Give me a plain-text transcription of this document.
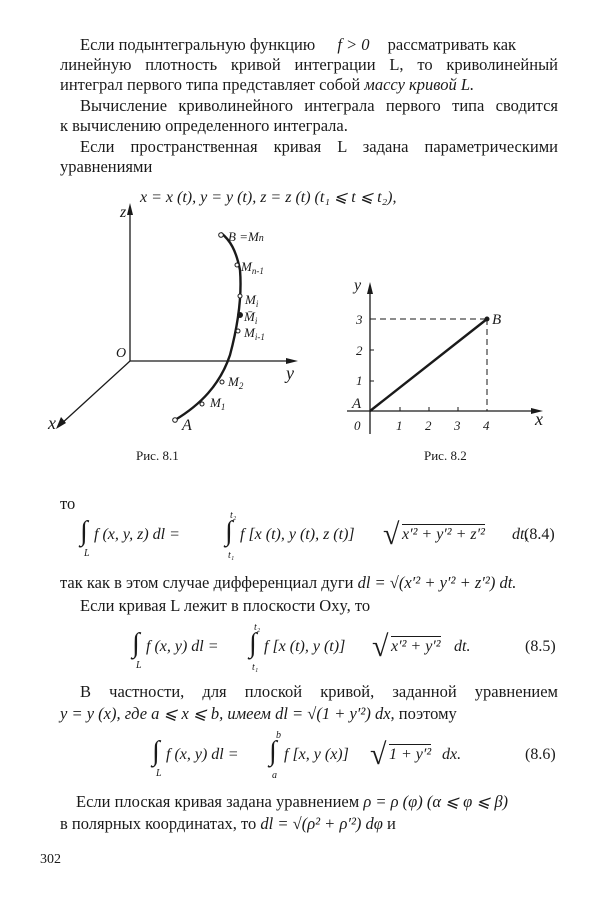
Если подынтегральную функцию f > 0 рассматривать как
линейную плотность кривой интеграции L, то криволинейный
интеграл первого типа представляет собой массу кривой L.
Вычисление криволинейного интеграла первого типа сводится
к вычислению определенного интеграла.
Если пространственная кривая L задана параметрическими
уравнениями
x = x (t), y = y (t), z = z (t) (t₁ ⩽ t ⩽ t₂),
z
y
x
O
A
$M_1$
$M_2$
$M_{i-1}$
$M̄_i$
$M_i$
$M_{n-1}$
B =Mn
Рис. 8.1
y
x
B
A
0	1 2 3 4
1
2
3
Рис. 8.2
то
∫
L
f (x, y, z) dl = ∫
t₂
t₁
f [x (t), y (t), z (t)] √ x′² + y′² + z′² dt,
(8.4)
так как в этом случае дифференциал дуги dl = √(x′² + y′² + z′²) dt.
Если кривая L лежит в плоскости Oxy, то
∫
L
f (x, y) dl = ∫
t₂
t₁
f [x (t), y (t)] √ x′² + y′² dt.	(8.5)
В частности, для плоской кривой, заданной уравнением
y = y (x), где a ⩽ x ⩽ b, имеем dl = √(1 + y′²) dx, поэтому
∫
L
f (x, y) dl = ∫
b
a
f [x, y (x)] √ 1 + y′² dx.	(8.6)
Если плоская кривая задана уравнением ρ = ρ (φ) (α ⩽ φ ⩽ β)
в полярных координатах, то dl = √(ρ² + ρ′²) dφ и
302
